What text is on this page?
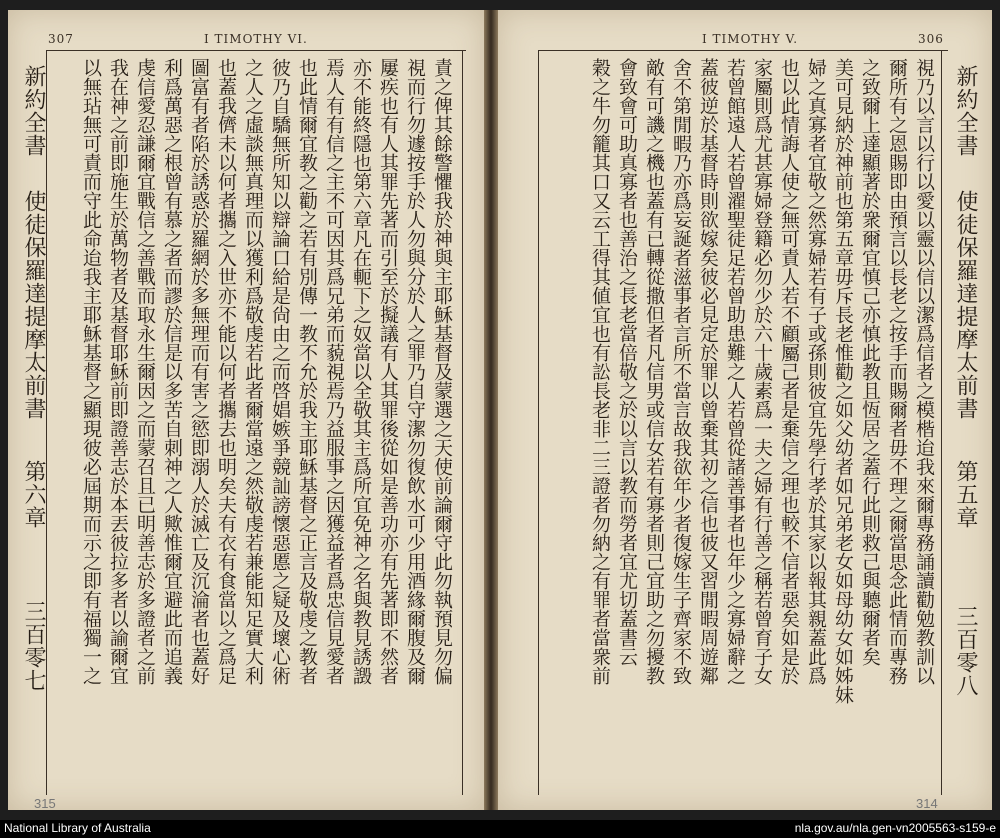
307	I TIMOTHY VI.
責之俾其餘警懼我於神與主耶穌基督及蒙選之天使前論爾守此勿執預見勿偏
視而行勿遽按手於人勿與分於人之罪乃自守潔勿復飲水可少用酒緣爾腹及爾
屢疾也有人其罪先著而引至於擬議有人其罪後從如是善功亦有先著即不然者
亦不能終隱也第六章凡在軛下之奴當以全敬其主爲所宜免神之名與教見誘譭
焉人有有信之主不可因其爲兄弟而藐視焉乃益服事之因獲益者爲忠信見愛者
也此情爾宜教之勸之若有別傳一教不允於我主耶穌基督之正言及敬虔之教者
彼乃自驕無所知以辯論口給是尙由之而啓娼嫉爭競訕謗懷惡慝之疑及壞心術
之人之虛談無真理而以獲利爲敬虔若此者爾當遠之然敬虔若兼能知足實大利
也蓋我儕未以何者攜之入世亦不能以何者攜去也明矣夫有衣有食當以之爲足
圖富有者陷於誘惑於羅網於多無理而有害之慾即溺人於滅亡及沉淪者也蓋好
利爲萬惡之根曾有慕之者而謬於信是以多苦自刺神之人歟惟爾宜避此而追義
虔信愛忍謙爾宜戰信之善戰而取永生爾因之而蒙召且已明善志於多證者之前
我在神之前即施生於萬物者及基督耶穌前即證善志於本丟彼拉多者以諭爾宜
以無玷無可責而守此命迨我主耶穌基督之顯現彼必屆期而示之即有福獨一之
315
I TIMOTHY V.	306
視乃以言以行以愛以靈以信以潔爲信者之模楷迨我來爾專務誦讀勸勉教訓以
爾所有之恩賜即由預言以長老之按手而賜爾者毋不理之爾當思念此情而專務
之致爾上達顯著於衆爾宜慎己亦慎此教且恆居之蓋行此則救己與聽爾者矣
美可見納於神前也第五章毋斥長老惟勸之如父幼者如兄弟老女如母幼女如姊妹
婦之真寡者宜敬之然寡婦若有子或孫則彼宜先學行孝於其家以報其親蓋此爲
也以此情誨人使之無可責人若不顧屬己者是棄信之理也較不信者惡矣如是於
家屬則爲尤甚寡婦登籍必勿少於六十歲素爲一夫之婦有行善之稱若曾育子女
若曾館遠人若曾濯聖徒足若曾助患難之人若曾從諸善事者也年少之寡婦辭之
蓋彼逆於基督時則欲嫁矣彼必見定於罪以曾棄其初之信也彼又習閒暇周遊鄰
舍不第閒暇乃亦爲妄誕者滋事者言所不當言故我欲年少者復嫁生子齊家不致
敵有可譏之機也蓋有已轉從撒但者凡信男或信女若有寡者則己宜助之勿擾教
會致會可助真寡者也善治之長老當倍敬之於以言以教而勞者宜尤切蓋書云
穀之牛勿籠其口又云工得其値宜也有訟長老非二三證者勿納之有罪者當衆前	新約全書
使徒保羅達提摩太前書
第五章
三百零八
314
新約全書
使徒保羅達提摩太前書
第六章
三百零七
National Library of Australia	nla.gov.au/nla.gen-vn2005563-s159-e
